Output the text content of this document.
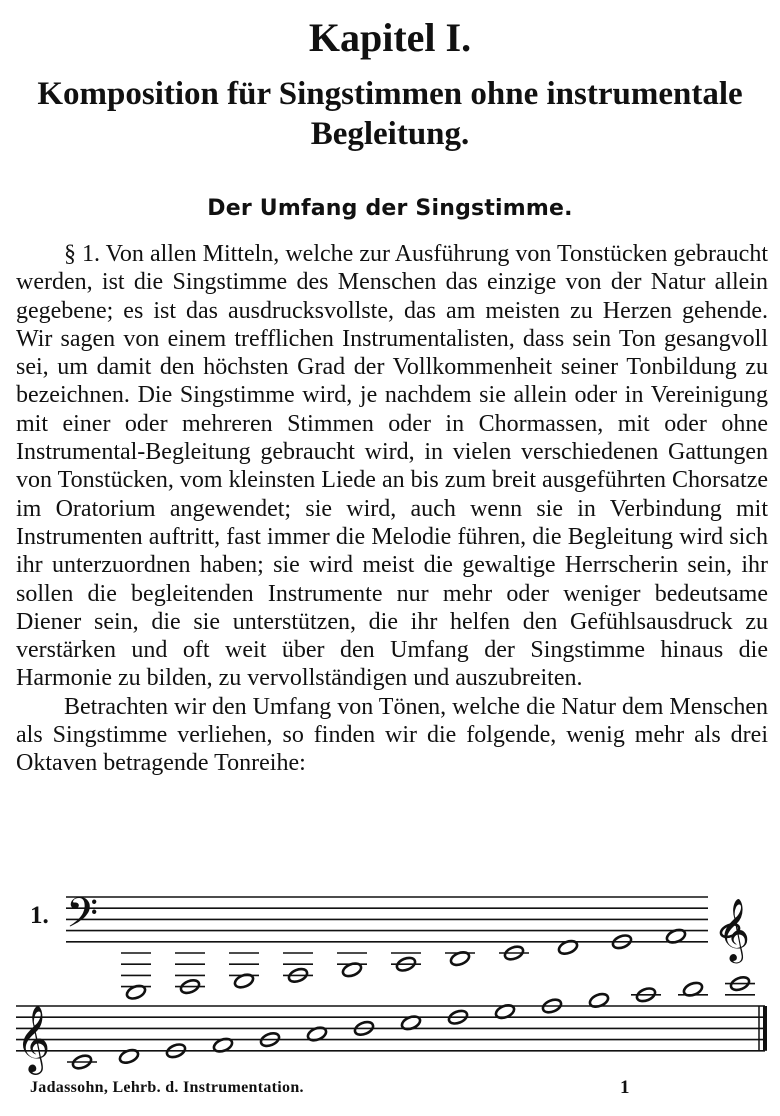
Kapitel I.
Komposition für Singstimmen ohne instrumentale
Begleitung.
Der Umfang der Singstimme.

§ 1. Von allen Mitteln, welche zur Ausführung von Tonstücken gebraucht werden, ist die Singstimme des Menschen das einzige von der Natur allein gegebene; es ist das ausdrucksvollste, das am meisten zu Herzen gehende. Wir sagen von einem trefflichen Instrumentalisten, dass sein Ton gesangvoll sei, um damit den höchsten Grad der Vollkommenheit seiner Tonbildung zu bezeichnen. Die Singstimme wird, je nachdem sie allein oder in Vereinigung mit einer oder mehreren Stimmen oder in Chormassen, mit oder ohne Instrumental-Begleitung gebraucht wird, in vielen verschiedenen Gattungen von Tonstücken, vom kleinsten Liede an bis zum breit ausgeführten Chorsatze im Oratorium angewendet; sie wird, auch wenn sie in Verbindung mit Instrumenten auftritt, fast immer die Melodie führen, die Begleitung wird sich ihr unterzuordnen haben; sie wird meist die gewaltige Herrscherin sein, ihr sollen die begleitenden Instrumente nur mehr oder weniger bedeutsame Diener sein, die sie unterstützen, die ihr helfen den Gefühlsausdruck zu verstärken und oft weit über den Umfang der Singstimme hinaus die Harmonie zu bilden, zu vervollständigen und auszubreiten.

Betrachten wir den Umfang von Tönen, welche die Natur dem Menschen als Singstimme verliehen, so finden wir die folgende, wenig mehr als drei Oktaven betragende Tonreihe:

1. 𝄢	𝄞
𝄞
Jadassohn, Lehrb. d. Instrumentation.	1
